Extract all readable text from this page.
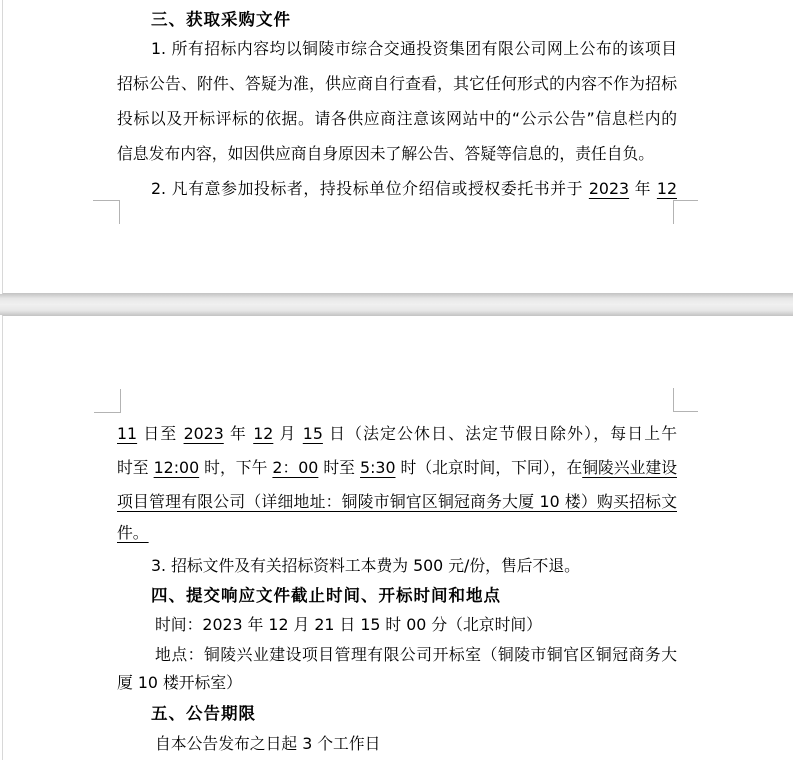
三、获取采购文件
1. 所有招标内容均以铜陵市综合交通投资集团有限公司网上公布的该项目
招标公告、附件、答疑为准，供应商自行查看，其它任何形式的内容不作为招标
投标以及开标评标的依据。请各供应商注意该网站中的“公示公告”信息栏内的
信息发布内容，如因供应商自身原因未了解公告、答疑等信息的，责任自负。
2. 凡有意参加投标者，持投标单位介绍信或授权委托书并于 2023 年 12
11 日至 2023 年 12 月 15 日（法定公休日、法定节假日除外），每日上午
时至 12:00 时，下午 2：00 时至 5:30 时（北京时间，下同），在铜陵兴业建设
项目管理有限公司（详细地址：铜陵市铜官区铜冠商务大厦 10 楼）购买招标文
件。
3. 招标文件及有关招标资料工本费为 500 元/份，售后不退。
四、提交响应文件截止时间、开标时间和地点
时间：2023 年 12 月 21 日 15 时 00 分（北京时间）
地点：铜陵兴业建设项目管理有限公司开标室（铜陵市铜官区铜冠商务大
厦 10 楼开标室）
五、公告期限
自本公告发布之日起 3 个工作日
